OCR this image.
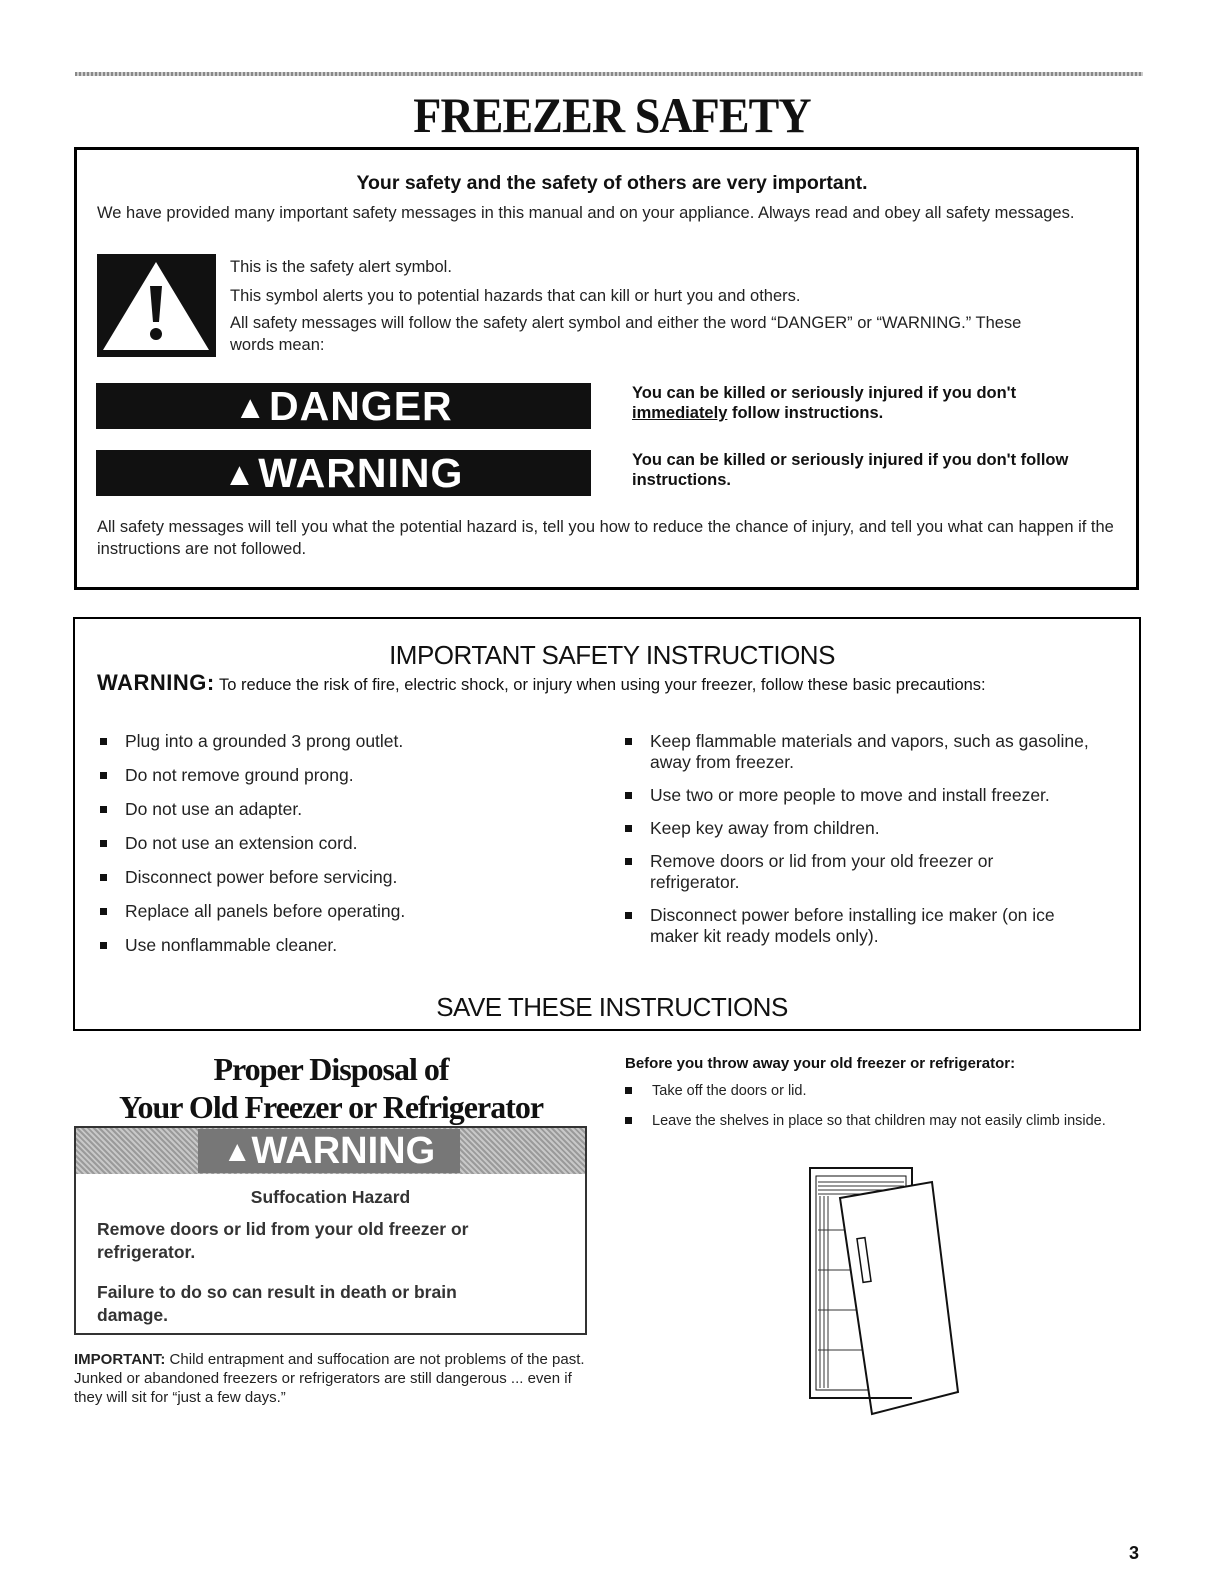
FREEZER SAFETY
Your safety and the safety of others are very important.
We have provided many important safety messages in this manual and on your appliance. Always read and obey all safety messages.
This is the safety alert symbol.
This symbol alerts you to potential hazards that can kill or hurt you and others.
All safety messages will follow the safety alert symbol and either the word “DANGER” or “WARNING.” These words mean:
▲DANGER	You can be killed or seriously injured if you don't
immediately follow instructions.
▲WARNING	You can be killed or seriously injured if you don't follow instructions.
All safety messages will tell you what the potential hazard is, tell you how to reduce the chance of injury, and tell you what can happen if the instructions are not followed.
IMPORTANT SAFETY INSTRUCTIONS
WARNING: To reduce the risk of fire, electric shock, or injury when using your freezer, follow these basic precautions:
Plug into a grounded 3 prong outlet.
Do not remove ground prong.
Do not use an adapter.
Do not use an extension cord.
Disconnect power before servicing.
Replace all panels before operating.
Use nonflammable cleaner.
Keep flammable materials and vapors, such as gasoline, away from freezer.
Use two or more people to move and install freezer.
Keep key away from children.
Remove doors or lid from your old freezer or refrigerator.
Disconnect power before installing ice maker (on ice maker kit ready models only).
SAVE THESE INSTRUCTIONS
Proper Disposal of
Your Old Freezer or Refrigerator
▲WARNING
Suffocation Hazard
Remove doors or lid from your old freezer or refrigerator.
Failure to do so can result in death or brain damage.
IMPORTANT: Child entrapment and suffocation are not problems of the past. Junked or abandoned freezers or refrigerators are still dangerous ... even if they will sit for “just a few days.”
Before you throw away your old freezer or refrigerator:
Take off the doors or lid.
Leave the shelves in place so that children may not easily climb inside.
3
